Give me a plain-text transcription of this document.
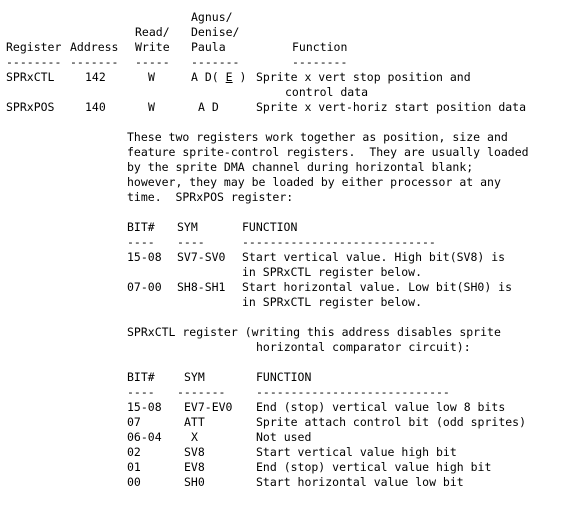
Agnus/
Read/ Denise/
Register Address Write Paula	Function
-------- ------- ----- -------	--------
SPRxCTL	142	W	A D( E ) Sprite x vert stop position and
control data
SPRxPOS	140	W	A D	Sprite x vert-horiz start position data
These two registers work together as position, size and
feature sprite-control registers.  They are usually loaded
by the sprite DMA channel during horizontal blank;
however, they may be loaded by either processor at any
time.  SPRxPOS register:
BIT# SYM	FUNCTION
---- ----	----------------------------
15-08 SV7-SV0 Start vertical value. High bit(SV8) is
in SPRxCTL register below.
07-00 SH8-SH1 Start horizontal value. Low bit(SH0) is
in SPRxCTL register below.
SPRxCTL register (writing this address disables sprite
horizontal comparator circuit):
BIT#	SYM	FUNCTION
---- -------	----------------------------
15-08 EV7-EV0 End (stop) vertical value low 8 bits
07	ATT	Sprite attach control bit (odd sprites)
06-04	X	Not used
02	SV8	Start vertical value high bit
01	EV8	End (stop) vertical value high bit
00	SH0	Start horizontal value low bit
